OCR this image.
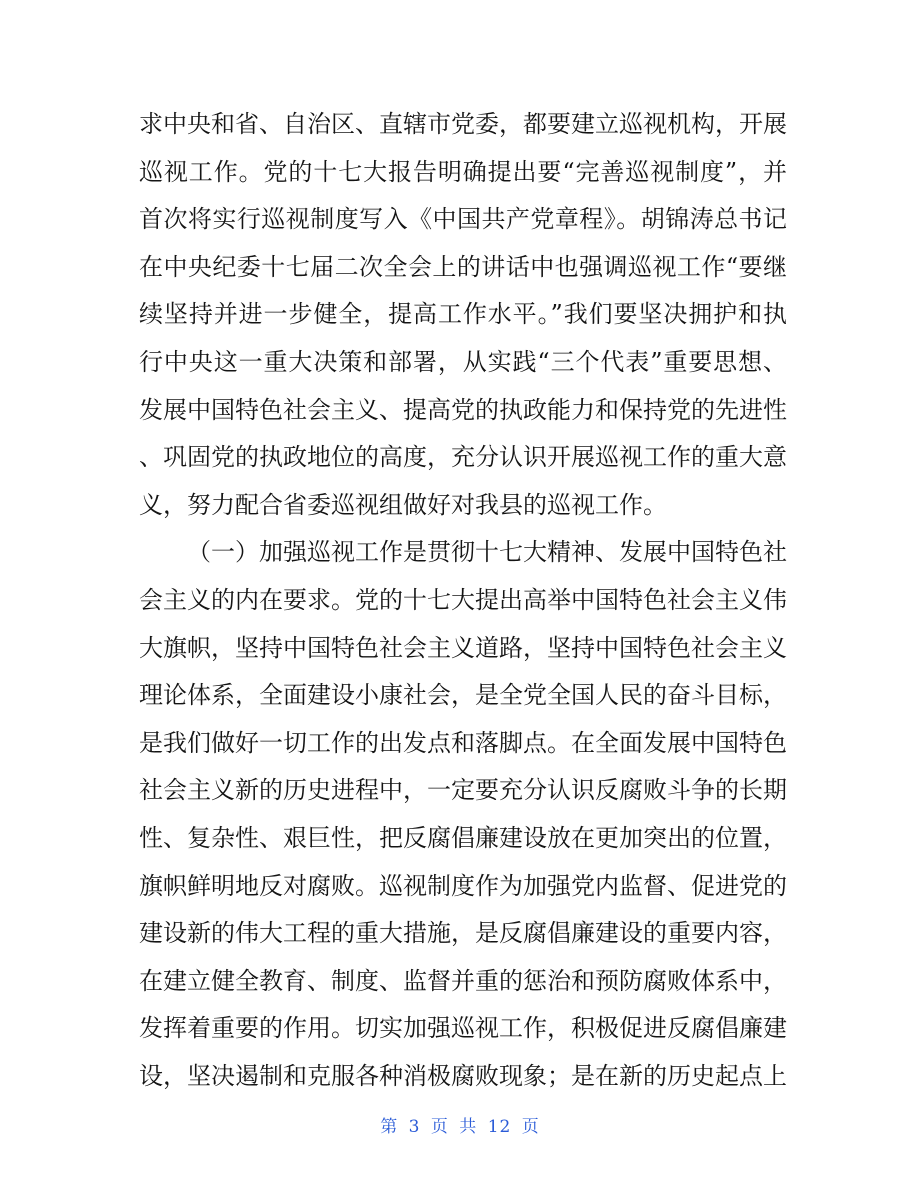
求中央和省、自治区、直辖市党委，都要建立巡视机构，开展
巡视工作。党的十七大报告明确提出要“完善巡视制度”，并
首次将实行巡视制度写入《中国共产党章程》。胡锦涛总书记
在中央纪委十七届二次全会上的讲话中也强调巡视工作“要继
续坚持并进一步健全，提高工作水平。”我们要坚决拥护和执
行中央这一重大决策和部署，从实践“三个代表”重要思想、
发展中国特色社会主义、提高党的执政能力和保持党的先进性
、巩固党的执政地位的高度，充分认识开展巡视工作的重大意
义，努力配合省委巡视组做好对我县的巡视工作。
（一）加强巡视工作是贯彻十七大精神、发展中国特色社
会主义的内在要求。党的十七大提出高举中国特色社会主义伟
大旗帜，坚持中国特色社会主义道路，坚持中国特色社会主义
理论体系，全面建设小康社会，是全党全国人民的奋斗目标，
是我们做好一切工作的出发点和落脚点。在全面发展中国特色
社会主义新的历史进程中，一定要充分认识反腐败斗争的长期
性、复杂性、艰巨性，把反腐倡廉建设放在更加突出的位置，
旗帜鲜明地反对腐败。巡视制度作为加强党内监督、促进党的
建设新的伟大工程的重大措施，是反腐倡廉建设的重要内容，
在建立健全教育、制度、监督并重的惩治和预防腐败体系中，
发挥着重要的作用。切实加强巡视工作，积极促进反腐倡廉建
设，坚决遏制和克服各种消极腐败现象；是在新的历史起点上
第 3 页 共 12 页
